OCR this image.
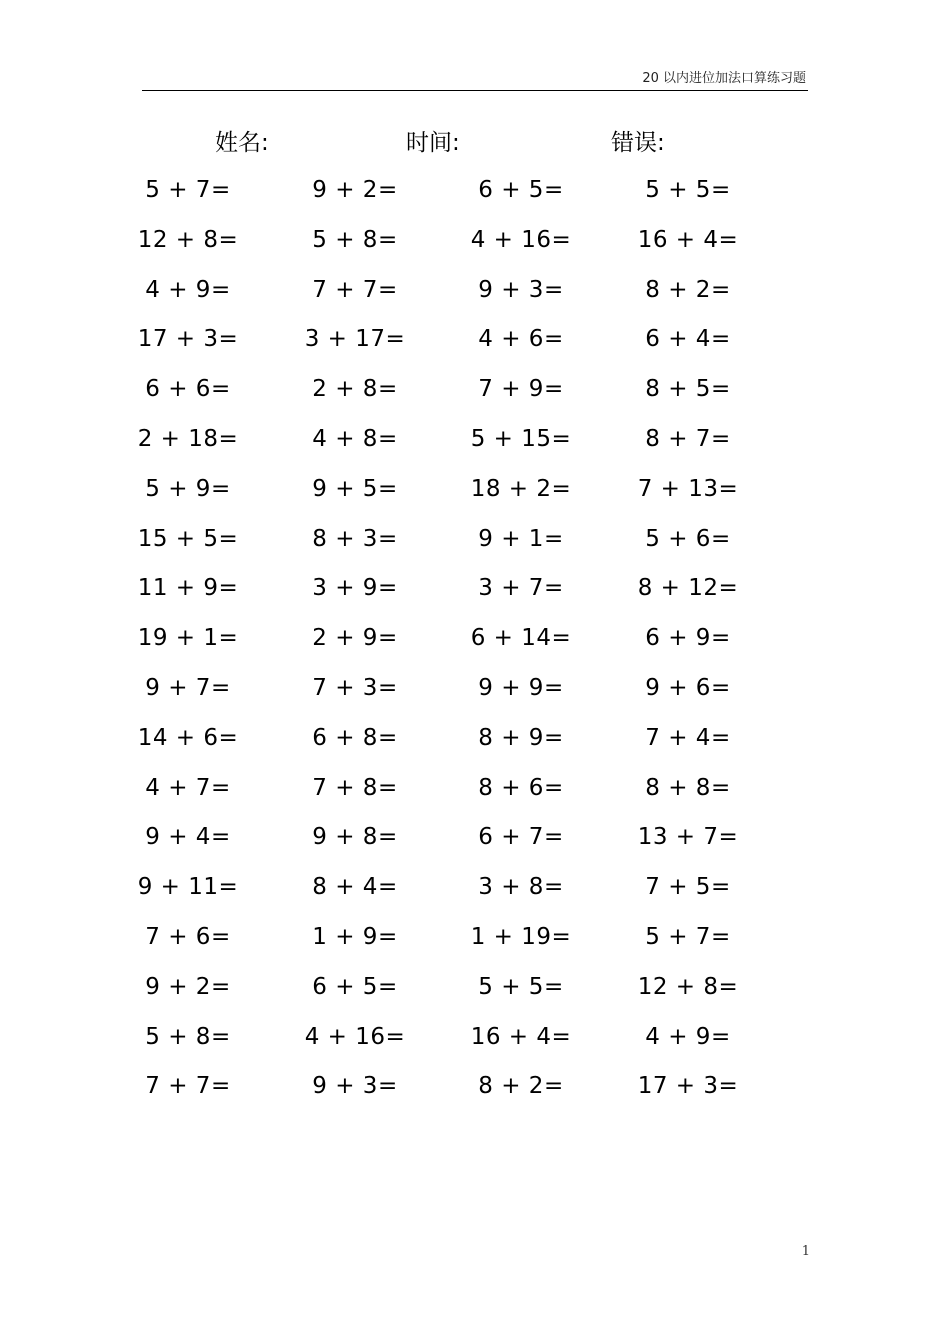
20 以内进位加法口算练习题
姓名:	时间:	错误:
5 + 7=	9 + 2=	6 + 5=	5 + 5=
12 + 8=	5 + 8=	4 + 16=	16 + 4=
4 + 9=	7 + 7=	9 + 3=	8 + 2=
17 + 3=	3 + 17=	4 + 6=	6 + 4=
6 + 6=	2 + 8=	7 + 9=	8 + 5=
2 + 18=	4 + 8=	5 + 15=	8 + 7=
5 + 9=	9 + 5=	18 + 2=	7 + 13=
15 + 5=	8 + 3=	9 + 1=	5 + 6=
11 + 9=	3 + 9=	3 + 7=	8 + 12=
19 + 1=	2 + 9=	6 + 14=	6 + 9=
9 + 7=	7 + 3=	9 + 9=	9 + 6=
14 + 6=	6 + 8=	8 + 9=	7 + 4=
4 + 7=	7 + 8=	8 + 6=	8 + 8=
9 + 4=	9 + 8=	6 + 7=	13 + 7=
9 + 11=	8 + 4=	3 + 8=	7 + 5=
7 + 6=	1 + 9=	1 + 19=	5 + 7=
9 + 2=	6 + 5=	5 + 5=	12 + 8=
5 + 8=	4 + 16=	16 + 4=	4 + 9=
7 + 7=	9 + 3=	8 + 2=	17 + 3=
1
